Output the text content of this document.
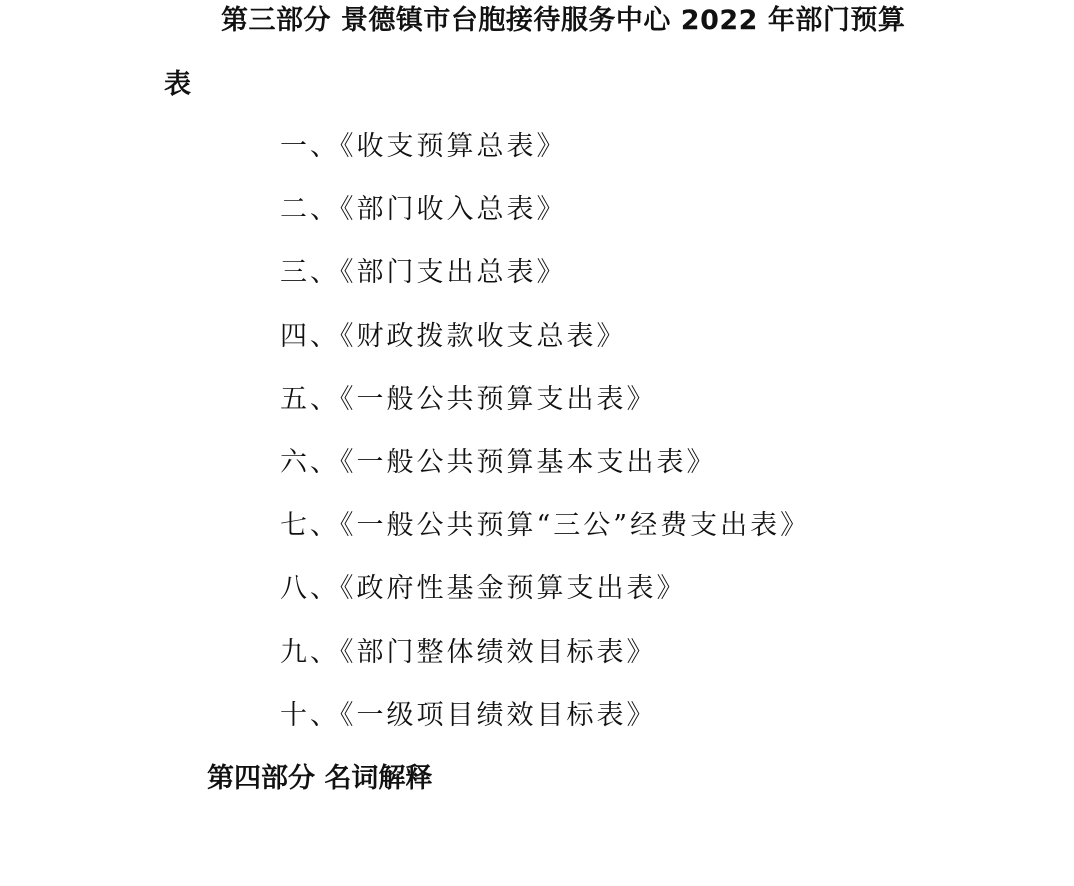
第三部分 景德镇市台胞接待服务中心 2022 年部门预算
表
一、《收支预算总表》
二、《部门收入总表》
三、《部门支出总表》
四、《财政拨款收支总表》
五、《一般公共预算支出表》
六、《一般公共预算基本支出表》
七、《一般公共预算“三公”经费支出表》
八、《政府性基金预算支出表》
九、《部门整体绩效目标表》
十、《一级项目绩效目标表》
第四部分 名词解释
